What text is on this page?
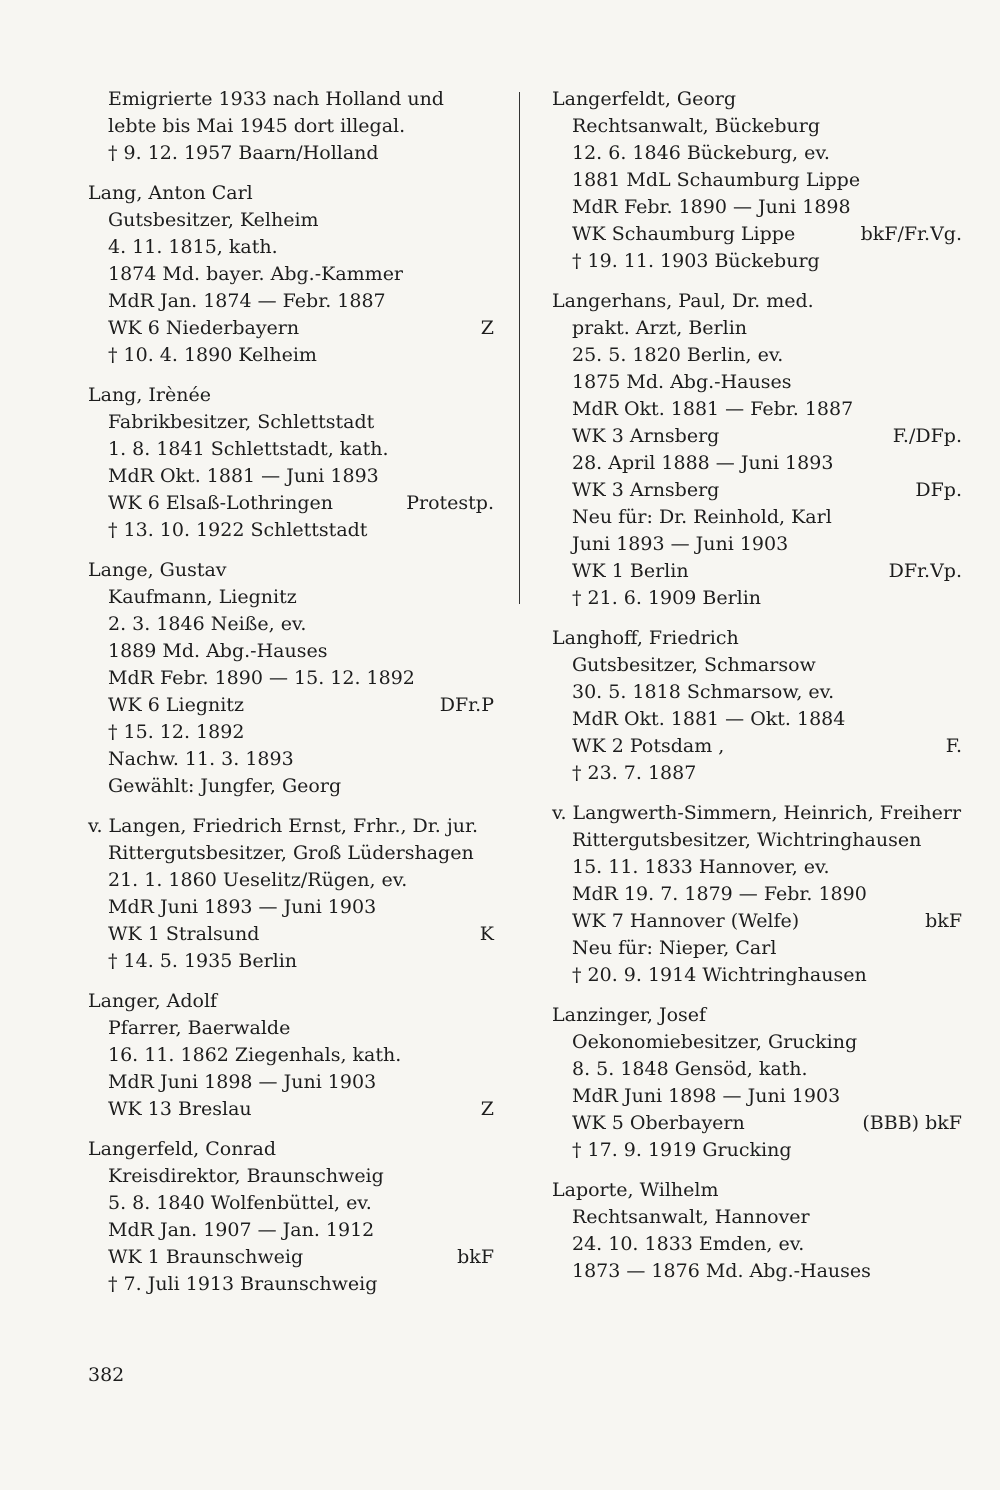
Emigrierte 1933 nach Holland und
lebte bis Mai 1945 dort illegal.
† 9. 12. 1957 Baarn/Holland
Lang, Anton Carl
Gutsbesitzer, Kelheim
4. 11. 1815, kath.
1874 Md. bayer. Abg.-Kammer
MdR Jan. 1874 — Febr. 1887
WK 6 Niederbayern	Z
† 10. 4. 1890 Kelheim
Lang, Irènée
Fabrikbesitzer, Schlettstadt
1. 8. 1841 Schlettstadt, kath.
MdR Okt. 1881 — Juni 1893
WK 6 Elsaß-Lothringen	Protestp.
† 13. 10. 1922 Schlettstadt
Lange, Gustav
Kaufmann, Liegnitz
2. 3. 1846 Neiße, ev.
1889 Md. Abg.-Hauses
MdR Febr. 1890 — 15. 12. 1892
WK 6 Liegnitz	DFr.P
† 15. 12. 1892
Nachw. 11. 3. 1893
Gewählt: Jungfer, Georg
v. Langen, Friedrich Ernst, Frhr., Dr. jur.
Rittergutsbesitzer, Groß Lüdershagen
21. 1. 1860 Ueselitz/Rügen, ev.
MdR Juni 1893 — Juni 1903
WK 1 Stralsund	K
† 14. 5. 1935 Berlin
Langer, Adolf
Pfarrer, Baerwalde
16. 11. 1862 Ziegenhals, kath.
MdR Juni 1898 — Juni 1903
WK 13 Breslau	Z
Langerfeld, Conrad
Kreisdirektor, Braunschweig
5. 8. 1840 Wolfenbüttel, ev.
MdR Jan. 1907 — Jan. 1912
WK 1 Braunschweig	bkF
† 7. Juli 1913 Braunschweig
Langerfeldt, Georg
Rechtsanwalt, Bückeburg
12. 6. 1846 Bückeburg, ev.
1881 MdL Schaumburg Lippe
MdR Febr. 1890 — Juni 1898
WK Schaumburg Lippe	bkF/Fr.Vg.
† 19. 11. 1903 Bückeburg
Langerhans, Paul, Dr. med.
prakt. Arzt, Berlin
25. 5. 1820 Berlin, ev.
1875 Md. Abg.-Hauses
MdR Okt. 1881 — Febr. 1887
WK 3 Arnsberg	F./DFp.
28. April 1888 — Juni 1893
WK 3 Arnsberg	DFp.
Neu für: Dr. Reinhold, Karl
Juni 1893 — Juni 1903
WK 1 Berlin	DFr.Vp.
† 21. 6. 1909 Berlin
Langhoff, Friedrich
Gutsbesitzer, Schmarsow
30. 5. 1818 Schmarsow, ev.
MdR Okt. 1881 — Okt. 1884
WK 2 Potsdam ,	F.
† 23. 7. 1887
v. Langwerth-Simmern, Heinrich, Freiherr
Rittergutsbesitzer, Wichtringhausen
15. 11. 1833 Hannover, ev.
MdR 19. 7. 1879 — Febr. 1890
WK 7 Hannover (Welfe)	bkF
Neu für: Nieper, Carl
† 20. 9. 1914 Wichtringhausen
Lanzinger, Josef
Oekonomiebesitzer, Grucking
8. 5. 1848 Gensöd, kath.
MdR Juni 1898 — Juni 1903
WK 5 Oberbayern	(BBB) bkF
† 17. 9. 1919 Grucking
Laporte, Wilhelm
Rechtsanwalt, Hannover
24. 10. 1833 Emden, ev.
1873 — 1876 Md. Abg.-Hauses
382
